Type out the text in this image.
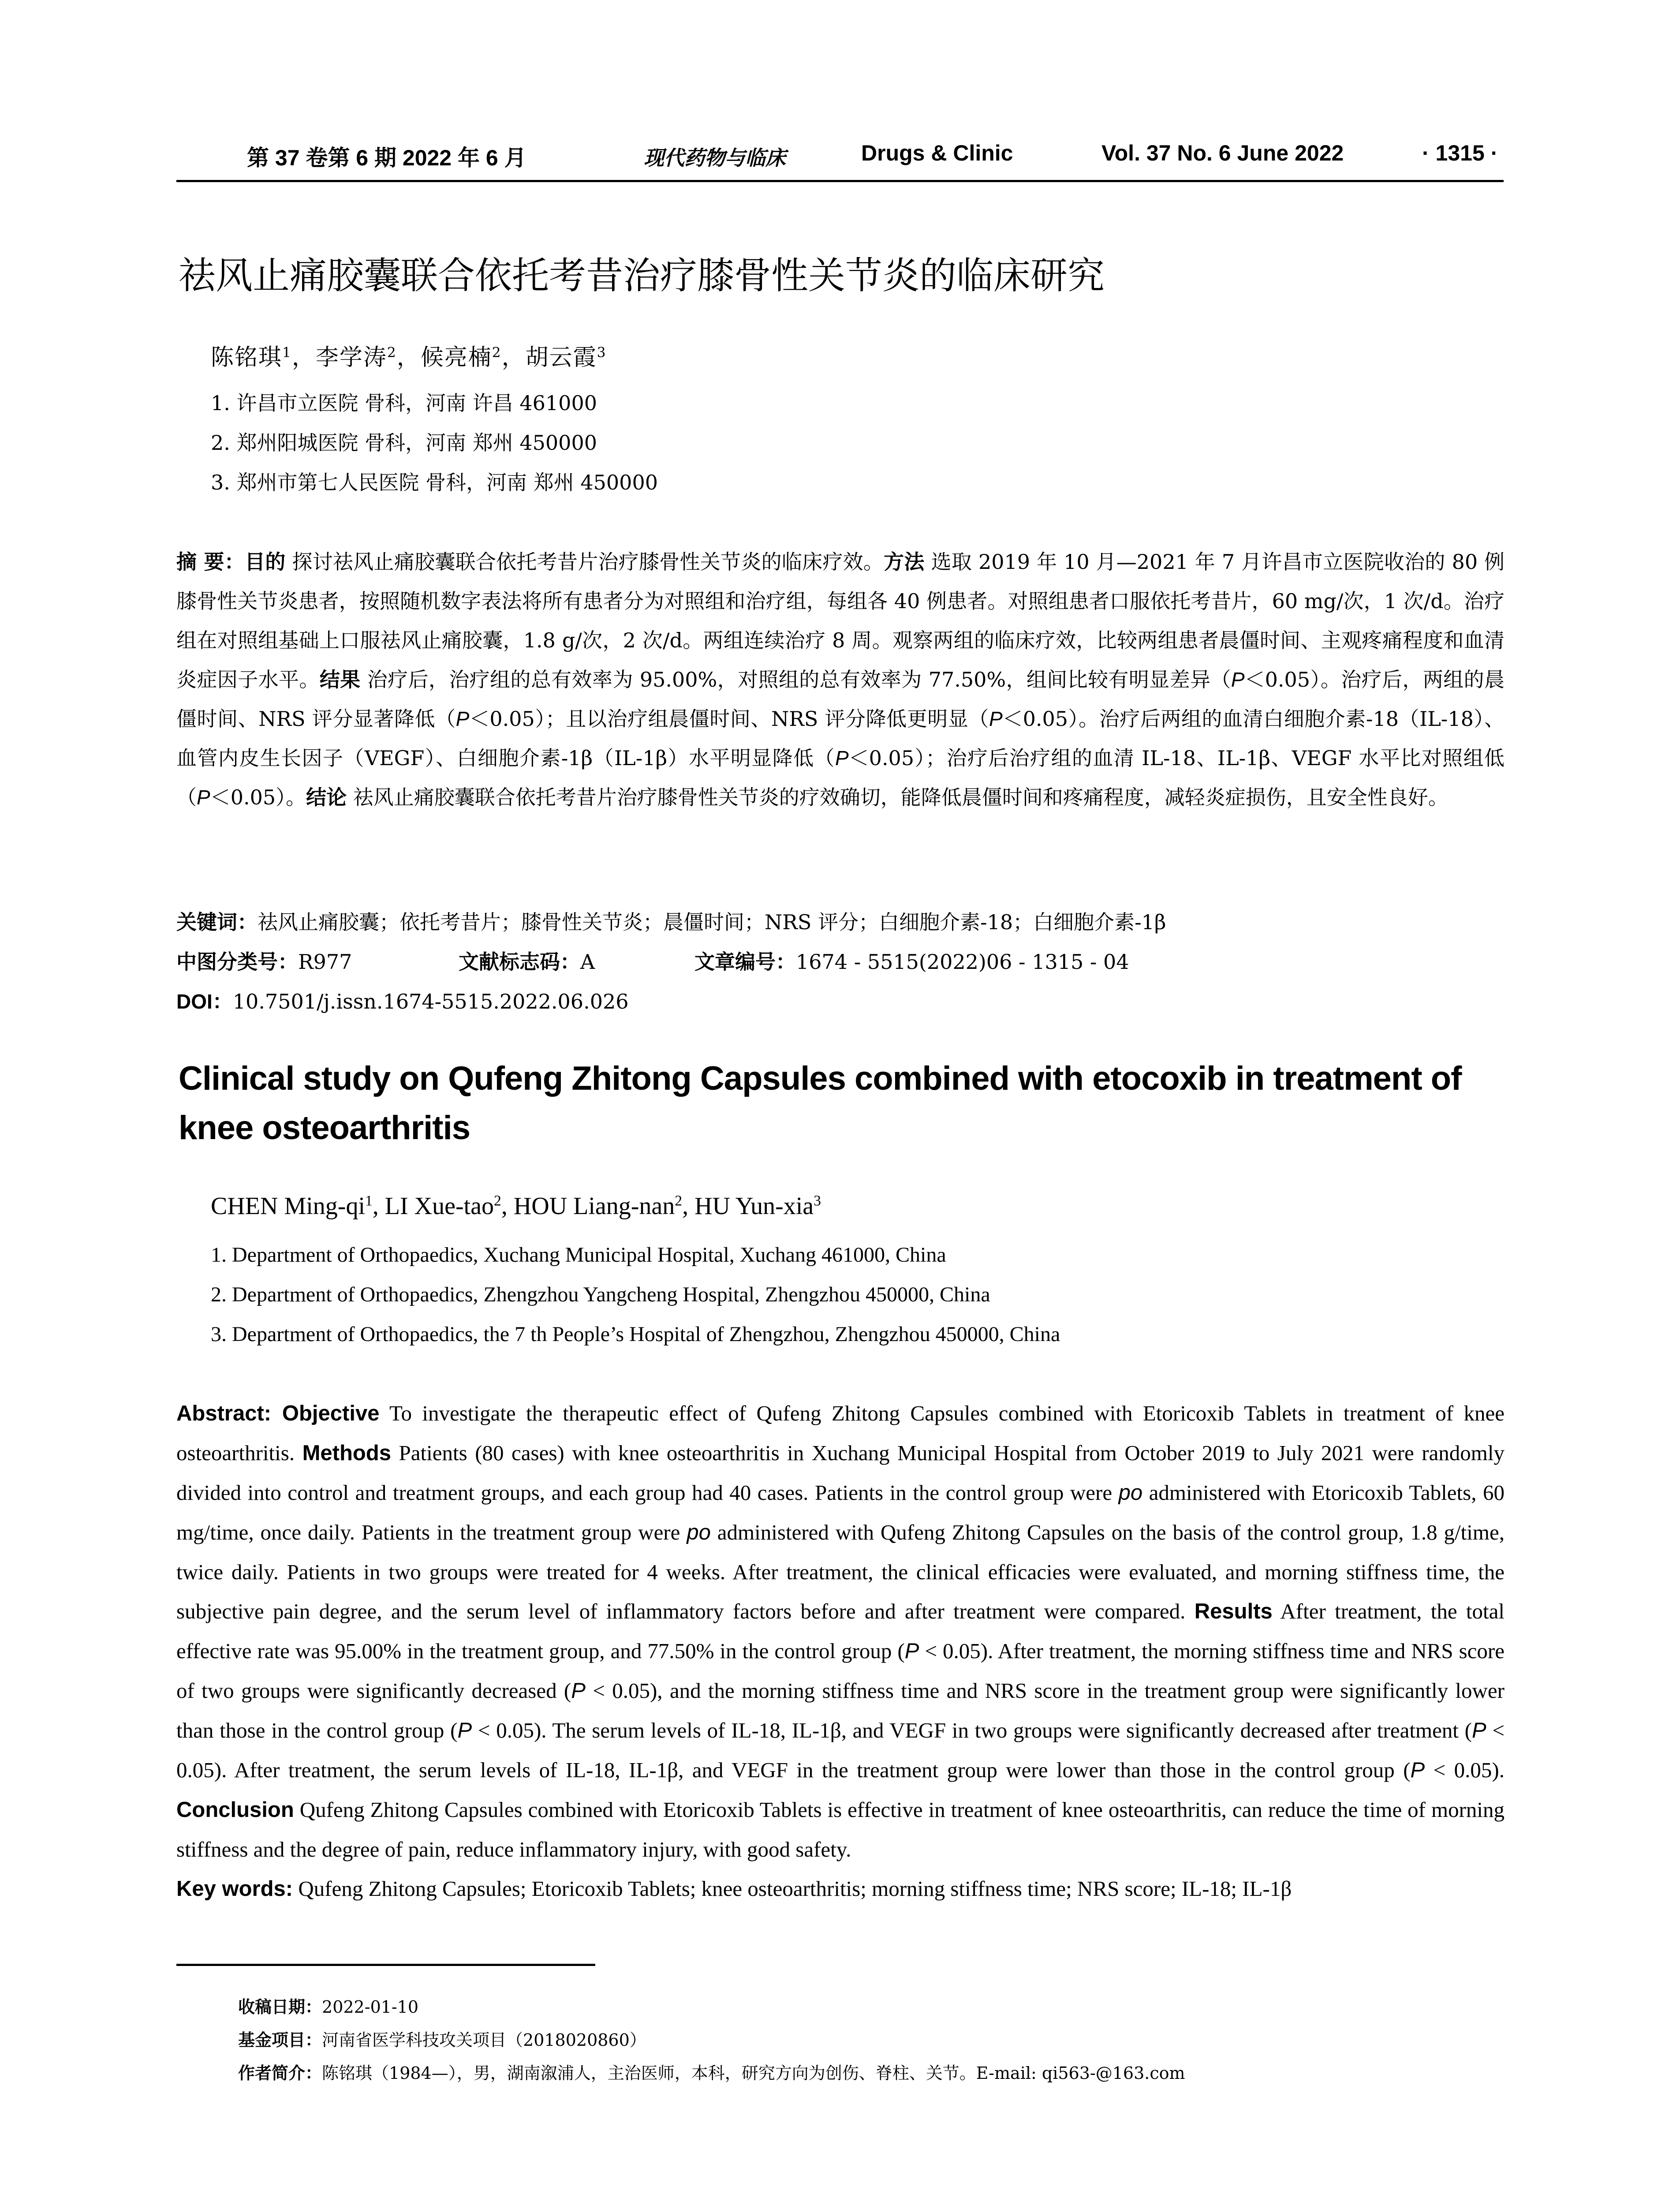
第 37 卷第 6 期 2022 年 6 月	现代药物与临床	Drugs & Clinic	Vol. 37 No. 6 June 2022	· 1315 ·
祛风止痛胶囊联合依托考昔治疗膝骨性关节炎的临床研究
陈铭琪$^1$，李学涛$^2$，候亮楠$^2$，胡云霞$^3$
1. 许昌市立医院 骨科，河南 许昌 461000
2. 郑州阳城医院 骨科，河南 郑州 450000
3. 郑州市第七人民医院 骨科，河南 郑州 450000
摘 要：目的 探讨祛风止痛胶囊联合依托考昔片治疗膝骨性关节炎的临床疗效。方法 选取 2019 年 10 月—2021 年 7 月许昌市立医院收治的 80 例膝骨性关节炎患者，按照随机数字表法将所有患者分为对照组和治疗组，每组各 40 例患者。对照组患者口服依托考昔片，60 mg/次，1 次/d。治疗组在对照组基础上口服祛风止痛胶囊，1.8 g/次，2 次/d。两组连续治疗 8 周。观察两组的临床疗效，比较两组患者晨僵时间、主观疼痛程度和血清炎症因子水平。结果 治疗后，治疗组的总有效率为 95.00%，对照组的总有效率为 77.50%，组间比较有明显差异（P＜0.05）。治疗后，两组的晨僵时间、NRS 评分显著降低（P＜0.05）；且以治疗组晨僵时间、NRS 评分降低更明显（P＜0.05）。治疗后两组的血清白细胞介素-18（IL-18）、血管内皮生长因子（VEGF）、白细胞介素-1β（IL-1β）水平明显降低（P＜0.05）；治疗后治疗组的血清 IL-18、IL-1β、VEGF 水平比对照组低（P＜0.05）。结论 祛风止痛胶囊联合依托考昔片治疗膝骨性关节炎的疗效确切，能降低晨僵时间和疼痛程度，减轻炎症损伤，且安全性良好。
关键词：祛风止痛胶囊；依托考昔片；膝骨性关节炎；晨僵时间；NRS 评分；白细胞介素-18；白细胞介素-1β
中图分类号：R977	文献标志码：A	文章编号：1674 - 5515(2022)06 - 1315 - 04
DOI：10.7501/j.issn.1674-5515.2022.06.026
Clinical study on Qufeng Zhitong Capsules combined with etocoxib in treatment of knee osteoarthritis
CHEN Ming-$qi^1$, LI Xue-tao$^2$, HOU Liang-nan$^2$, HU Yun-xia$^3$
1. Department of Orthopaedics, Xuchang Municipal Hospital, Xuchang 461000, China
2. Department of Orthopaedics, Zhengzhou Yangcheng Hospital, Zhengzhou 450000, China
3. Department of Orthopaedics, the 7 th People’s Hospital of Zhengzhou, Zhengzhou 450000, China
Abstract: Objective To investigate the therapeutic effect of Qufeng Zhitong Capsules combined with Etoricoxib Tablets in treatment of knee osteoarthritis. Methods Patients (80 cases) with knee osteoarthritis in Xuchang Municipal Hospital from October 2019 to July 2021 were randomly divided into control and treatment groups, and each group had 40 cases. Patients in the control group were po administered with Etoricoxib Tablets, 60 mg/time, once daily. Patients in the treatment group were po administered with Qufeng Zhitong Capsules on the basis of the control group, 1.8 g/time, twice daily. Patients in two groups were treated for 4 weeks. After treatment, the clinical efficacies were evaluated, and morning stiffness time, the subjective pain degree, and the serum level of inflammatory factors before and after treatment were compared. Results After treatment, the total effective rate was 95.00% in the treatment group, and 77.50% in the control group (P < 0.05). After treatment, the morning stiffness time and NRS score of two groups were significantly decreased (P < 0.05), and the morning stiffness time and NRS score in the treatment group were significantly lower than those in the control group (P < 0.05). The serum levels of IL-18, IL-1β, and VEGF in two groups were significantly decreased after treatment (P < 0.05). After treatment, the serum levels of IL-18, IL-1β, and VEGF in the treatment group were lower than those in the control group (P < 0.05). Conclusion Qufeng Zhitong Capsules combined with Etoricoxib Tablets is effective in treatment of knee osteoarthritis, can reduce the time of morning stiffness and the degree of pain, reduce inflammatory injury, with good safety.
Key words: Qufeng Zhitong Capsules; Etoricoxib Tablets; knee osteoarthritis; morning stiffness time; NRS score; IL-18; IL-1β
收稿日期：2022-01-10
基金项目：河南省医学科技攻关项目（2018020860）
作者简介：陈铭琪（1984—），男，湖南溆浦人，主治医师，本科，研究方向为创伤、脊柱、关节。E-mail: qi563-@163.com
